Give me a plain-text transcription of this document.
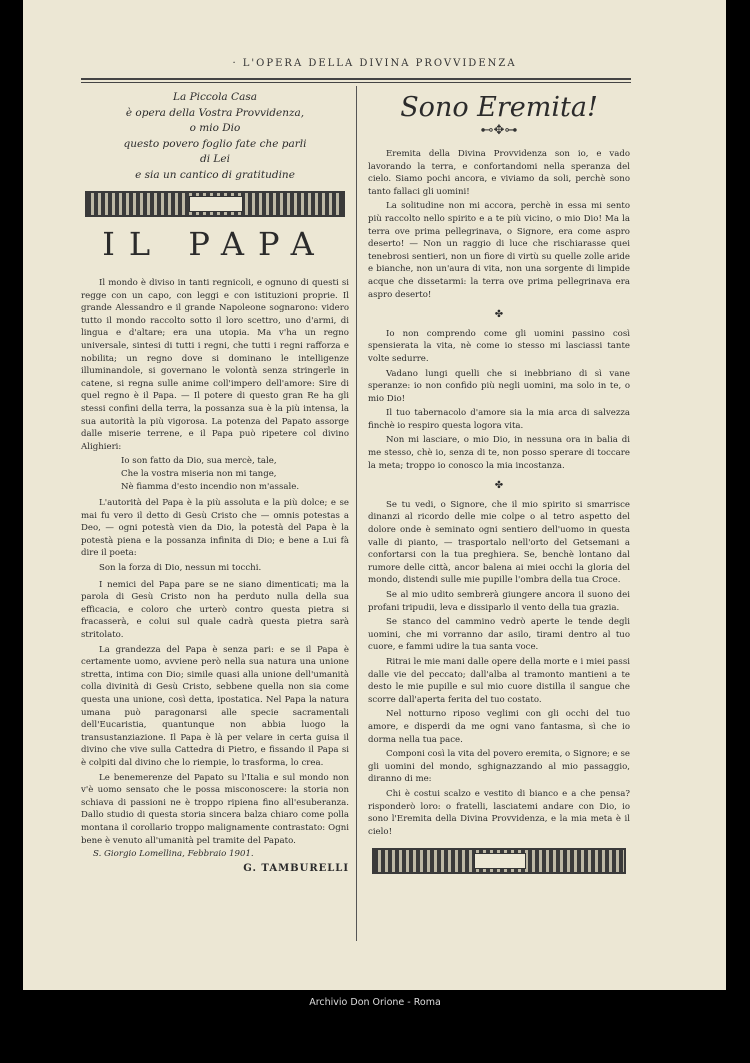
· L'OPERA DELLA DIVINA PROVVIDENZA
La Piccola Casa
è opera della Vostra Provvidenza,
o mio Dio
questo povero foglio fate che parli
di Lei
e sia un cantico di gratitudine
IL PAPA

Il mondo è diviso in tanti regnicoli, e ognuno di questi si regge con un capo, con leggi e con istituzioni proprie. Il grande Alessandro e il grande Napoleone sognarono: videro tutto il mondo raccolto sotto il loro scettro, uno d'armi, di lingua e d'altare; era una utopia. Ma v'ha un regno universale, sintesi di tutti i regni, che tutti i regni rafforza e nobilita; un regno dove si dominano le intelligenze illuminandole, si governano le volontà senza stringerle in catene, si regna sulle anime coll'impero dell'amore: Sire di quel regno è il Papa. — Il potere di questo gran Re ha gli stessi confini della terra, la possanza sua è la più intensa, la sua autorità la più vigorosa. La potenza del Papato assorge dalle miserie terrene, e il Papa può ripetere col divino Alighieri:

Io son fatto da Dio, sua mercè, tale,
Che la vostra miseria non mi tange,
Nè fiamma d'esto incendio non m'assale.

L'autorità del Papa è la più assoluta e la più dolce; e se mai fu vero il detto di Gesù Cristo che — omnis potestas a Deo, — ogni potestà vien da Dio, la potestà del Papa è la potestà piena e la possanza infinita di Dio; e bene a Lui fà dire il poeta:

Son la forza di Dio, nessun mi tocchi.

I nemici del Papa pare se ne siano dimenticati; ma la parola di Gesù Cristo non ha perduto nulla della sua efficacia, e coloro che urterò contro questa pietra si fracasserà, e colui sul quale cadrà questa pietra sarà stritolato.

La grandezza del Papa è senza pari: e se il Papa è certamente uomo, avviene però nella sua natura una unione stretta, intima con Dio; simile quasi alla unione dell'umanità colla divinità di Gesù Cristo, sebbene quella non sia come questa una unione, così detta, ipostatica. Nel Papa la natura umana può paragonarsi alle specie sacramentali dell'Eucaristia, quantunque non abbia luogo la transustanziazione. Il Papa è là per velare in certa guisa il divino che vive sulla Cattedra di Pietro, e fissando il Papa si è colpiti dal divino che lo riempie, lo trasforma, lo crea.

Le benemerenze del Papato su l'Italia e sul mondo non v'è uomo sensato che le possa misconoscere: la storia non schiava di passioni ne è troppo ripiena fino all'esuberanza. Dallo studio di questa storia sincera balza chiaro come polla montana il corollario troppo malignamente contrastato: Ogni bene è venuto all'umanità pel tramite del Papato.

S. Giorgio Lomellina, Febbraio 1901.
G. TAMBURELLI
Sono Eremita!
⊷✥⊶

Eremita della Divina Provvidenza son io, e vado lavorando la terra, e confortandomi nella speranza del cielo. Siamo pochi ancora, e viviamo da soli, perchè sono tanto fallaci gli uomini!

La solitudine non mi accora, perchè in essa mi sento più raccolto nello spirito e a te più vicino, o mio Dio! Ma la terra ove prima pellegrinava, o Signore, era come aspro deserto! — Non un raggio di luce che rischiarasse quei tenebrosi sentieri, non un fiore di virtù su quelle zolle aride e bianche, non un'aura di vita, non una sorgente di limpide acque che dissetarmi: la terra ove prima pellegrinava era aspro deserto!

✤

Io non comprendo come gli uomini passino così spensierata la vita, nè come io stesso mi lasciassi tante volte sedurre.

Vadano lungi quelli che si inebbriano di sì vane speranze: io non confido più negli uomini, ma solo in te, o mio Dio!

Il tuo tabernacolo d'amore sia la mia arca di salvezza finchè io respiro questa logora vita.

Non mi lasciare, o mio Dio, in nessuna ora in balia di me stesso, chè io, senza di te, non posso sperare di toccare la meta; troppo io conosco la mia incostanza.

✤

Se tu vedi, o Signore, che il mio spirito si smarrisce dinanzi al ricordo delle mie colpe o al tetro aspetto del dolore onde è seminato ogni sentiero dell'uomo in questa valle di pianto, — trasportalo nell'orto del Getsemani a confortarsi con la tua preghiera. Se, benchè lontano dal rumore delle città, ancor balena ai miei occhi la gloria del mondo, distendi sulle mie pupille l'ombra della tua Croce.

Se al mio udito sembrerà giungere ancora il suono dei profani tripudii, leva e dissiparlo il vento della tua grazia.

Se stanco del cammino vedrò aperte le tende degli uomini, che mi vorranno dar asilo, tirami dentro al tuo cuore, e fammi udire la tua santa voce.

Ritrai le mie mani dalle opere della morte e i miei passi dalle vie del peccato; dall'alba al tramonto mantieni a te desto le mie pupille e sul mio cuore distilla il sangue che scorre dall'aperta ferita del tuo costato.

Nel notturno riposo veglimi con gli occhi del tuo amore, e disperdi da me ogni vano fantasma, sì che io dorma nella tua pace.

Componi così la vita del povero eremita, o Signore; e se gli uomini del mondo, sghignazzando al mio passaggio, diranno di me:

Chi è costui scalzo e vestito di bianco e a che pensa? risponderò loro: o fratelli, lasciatemi andare con Dio, io sono l'Eremita della Divina Provvidenza, e la mia meta è il cielo!

Archivio Don Orione - Roma
